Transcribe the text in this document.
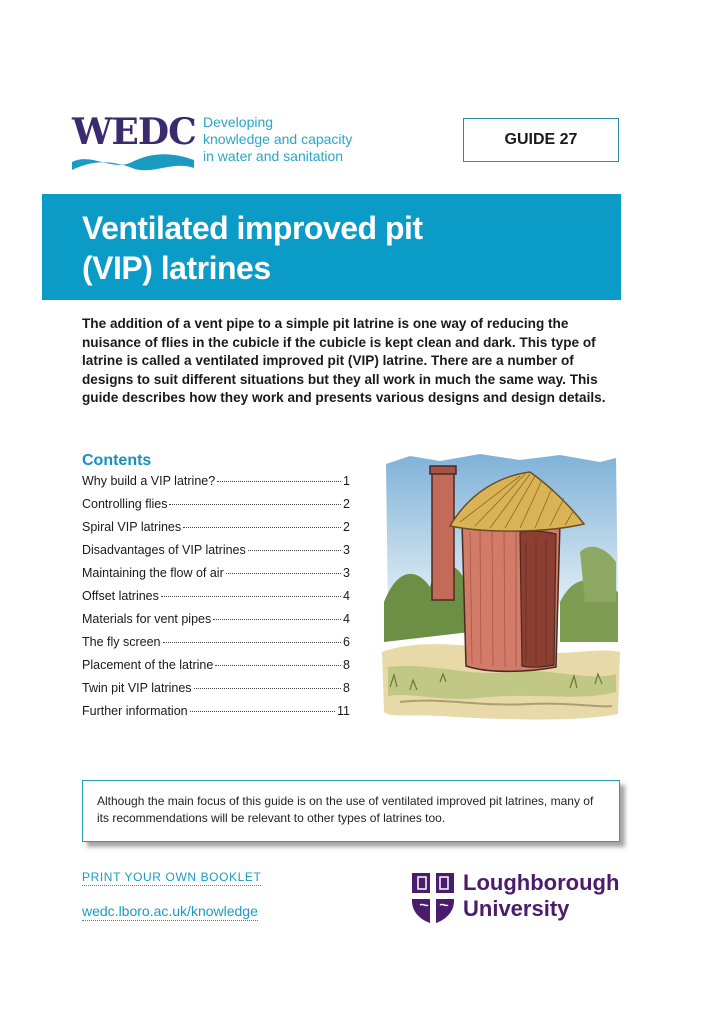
WEDC Developing
knowledge and capacity
in water and sanitation
GUIDE 27
Ventilated improved pit
(VIP) latrines
The addition of a vent pipe to a simple pit latrine is one way of reducing the nuisance of flies in the cubicle if the cubicle is kept clean and dark. This type of latrine is called a ventilated improved pit (VIP) latrine. There are a number of designs to suit different situations but they all work in much the same way. This guide describes how they work and presents various designs and design details.
Contents
Why build a VIP latrine?	1
Controlling flies	2
Spiral VIP latrines	2
Disadvantages of VIP latrines	3
Maintaining the flow of air	3
Offset latrines	4
Materials for vent pipes	4
The fly screen	6
Placement of the latrine	8
Twin pit VIP latrines	8
Further information	11
Although the main focus of this guide is on the use of ventilated improved pit latrines, many of its recommendations will be relevant to other types of latrines too.
PRINT YOUR OWN BOOKLET
wedc.lboro.ac.uk/knowledge
Loughborough
University
